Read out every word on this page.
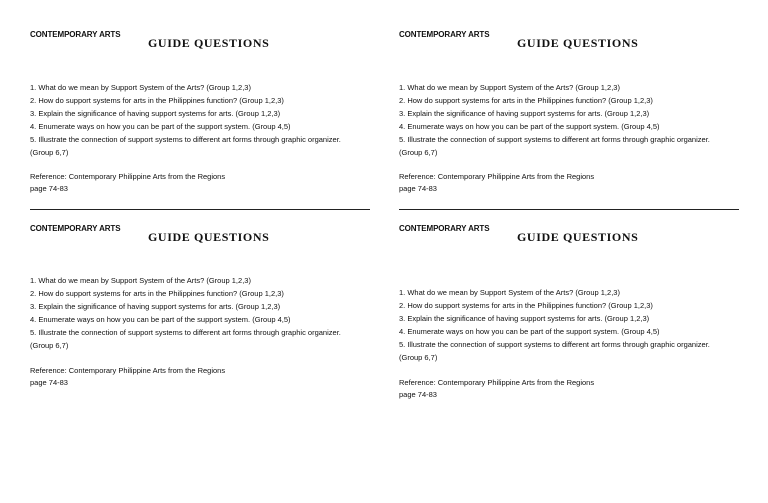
CONTEMPORARY ARTS
GUIDE QUESTIONS
1. What do we mean by Support System of the Arts? (Group 1,2,3)
2. How do support systems for arts in the Philippines function? (Group 1,2,3)
3. Explain the significance of having support systems for arts. (Group 1,2,3)
4. Enumerate ways on how you can be part of the support system. (Group 4,5)
5. Illustrate the connection of support systems to different art forms through graphic organizer. (Group 6,7)
Reference: Contemporary Philippine Arts from the Regions
page 74-83
CONTEMPORARY ARTS
GUIDE QUESTIONS
1. What do we mean by Support System of the Arts? (Group 1,2,3)
2. How do support systems for arts in the Philippines function? (Group 1,2,3)
3. Explain the significance of having support systems for arts. (Group 1,2,3)
4. Enumerate ways on how you can be part of the support system. (Group 4,5)
5. Illustrate the connection of support systems to different art forms through graphic organizer. (Group 6,7)
Reference: Contemporary Philippine Arts from the Regions
page 74-83
CONTEMPORARY ARTS
GUIDE QUESTIONS
1. What do we mean by Support System of the Arts? (Group 1,2,3)
2. How do support systems for arts in the Philippines function? (Group 1,2,3)
3. Explain the significance of having support systems for arts. (Group 1,2,3)
4. Enumerate ways on how you can be part of the support system. (Group 4,5)
5. Illustrate the connection of support systems to different art forms through graphic organizer. (Group 6,7)
Reference: Contemporary Philippine Arts from the Regions
page 74-83
CONTEMPORARY ARTS
GUIDE QUESTIONS
1. What do we mean by Support System of the Arts? (Group 1,2,3)
2. How do support systems for arts in the Philippines function? (Group 1,2,3)
3. Explain the significance of having support systems for arts. (Group 1,2,3)
4. Enumerate ways on how you can be part of the support system. (Group 4,5)
5. Illustrate the connection of support systems to different art forms through graphic organizer. (Group 6,7)
Reference: Contemporary Philippine Arts from the Regions
page 74-83
